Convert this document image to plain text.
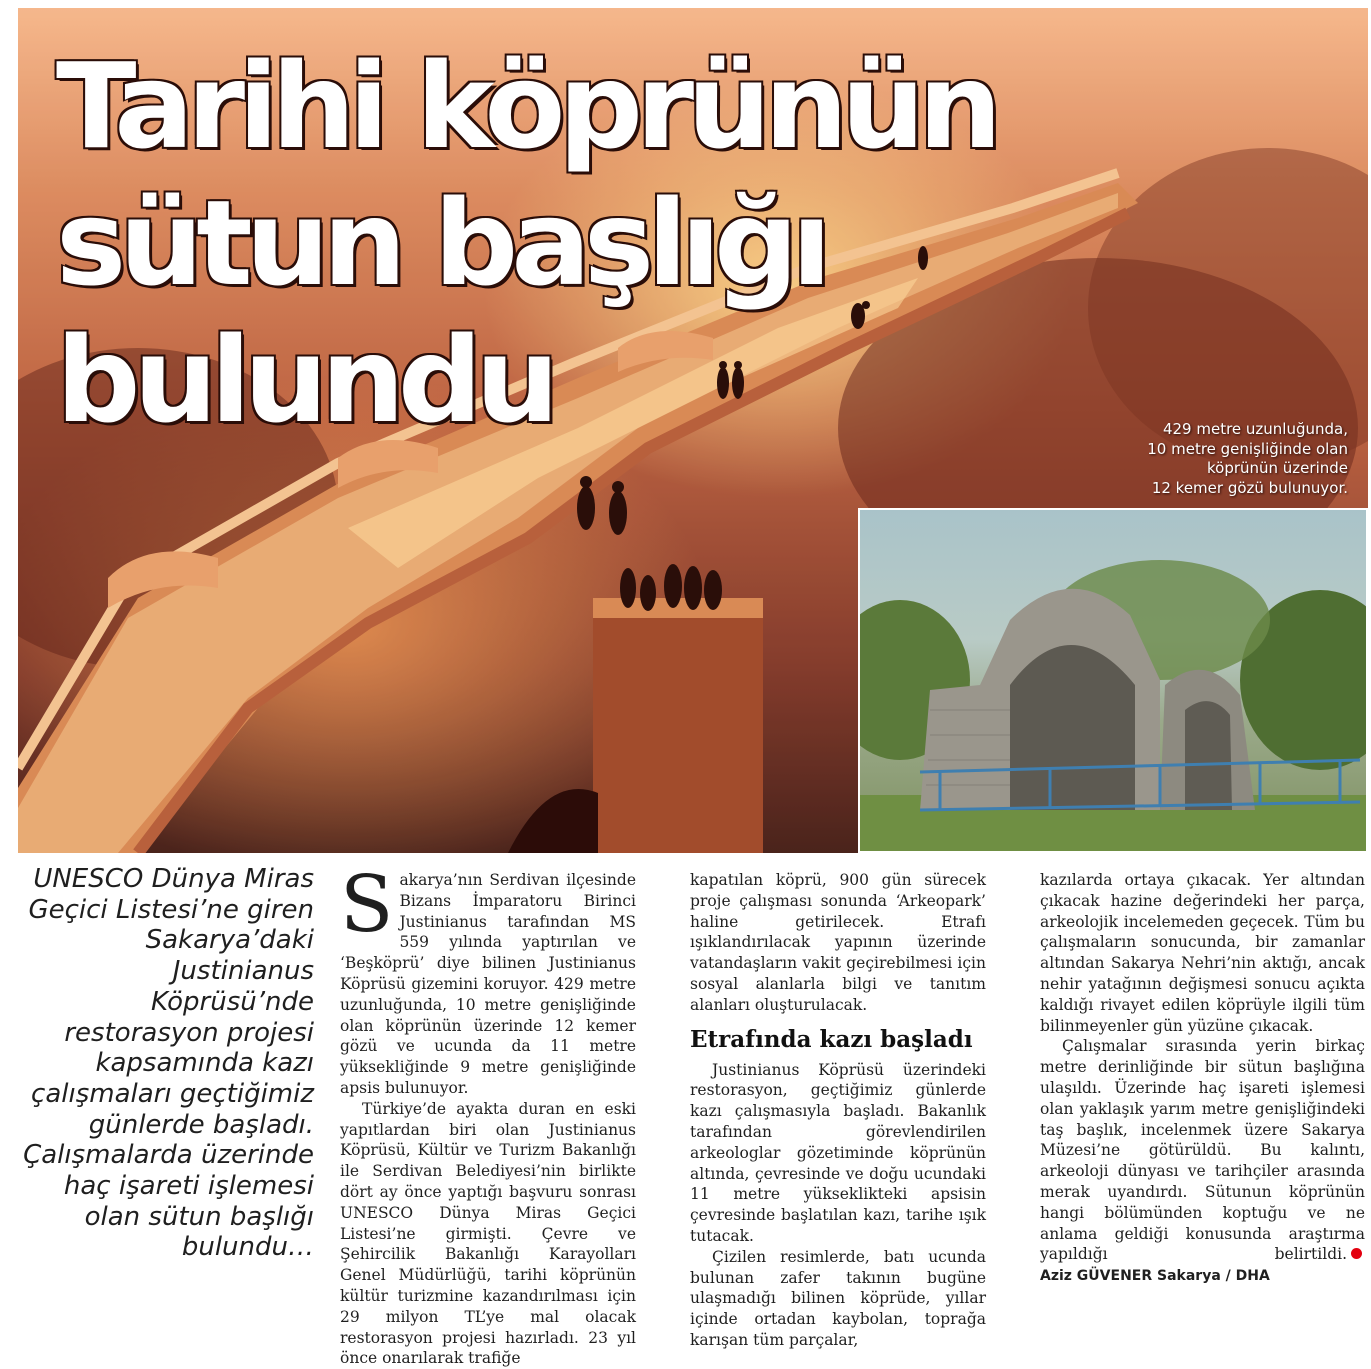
Tarihi köprünün
sütun başlığı
bulundu	429 metre uzunluğunda,
10 metre genişliğinde olan
köprünün üzerinde
12 kemer gözü bulunuyor.

UNESCO Dünya Miras Geçici Listesi’ne giren Sakarya’daki Justinianus Köprüsü’nde restorasyon projesi kapsamında kazı çalışmaları geçtiğimiz günlerde başladı. Çalışmalarda üzerinde haç işareti işlemesi olan sütun başlığı bulundu…

Sakarya’nın Serdivan ilçesinde Bizans İmparatoru Birinci Justinianus tarafından MS 559 yılında yaptırılan ve ‘Beşköprü’ diye bilinen Justinianus Köprüsü gizemini koruyor. 429 metre uzunluğunda, 10 metre genişliğinde olan köprünün üzerinde 12 kemer gözü ve ucunda da 11 metre yüksekliğinde 9 metre genişliğinde apsis bulunuyor.

Türkiye’de ayakta duran en eski yapıtlardan biri olan Justinianus Köprüsü, Kültür ve Turizm Bakanlığı ile Serdivan Belediyesi’nin birlikte dört ay önce yaptığı başvuru sonrası UNESCO Dünya Miras Geçici Listesi’ne girmişti. Çevre ve Şehircilik Bakanlığı Karayolları Genel Müdürlüğü, tarihi köprünün kültür turizmine kazandırılması için 29 milyon TL’ye mal olacak restorasyon projesi hazırladı. 23 yıl önce onarılarak trafiğe

kapatılan köprü, 900 gün sürecek proje çalışması sonunda ‘Arkeopark’ haline getirilecek. Etrafı ışıklandırılacak yapının üzerinde vatandaşların vakit geçirebilmesi için sosyal alanlarla bilgi ve tanıtım alanları oluşturulacak.

Etrafında kazı başladı

Justinianus Köprüsü üzerindeki restorasyon, geçtiğimiz günlerde kazı çalışmasıyla başladı. Bakanlık tarafından görevlendirilen arkeologlar gözetiminde köprünün altında, çevresinde ve doğu ucundaki 11 metre yükseklikteki apsisin çevresinde başlatılan kazı, tarihe ışık tutacak.

Çizilen resimlerde, batı ucunda bulunan zafer takının bugüne ulaşmadığı bilinen köprüde, yıllar içinde ortadan kaybolan, toprağa karışan tüm parçalar,

kazılarda ortaya çıkacak. Yer altından çıkacak hazine değerindeki her parça, arkeolojik incelemeden geçecek. Tüm bu çalışmaların sonucunda, bir zamanlar altından Sakarya Nehri’nin aktığı, ancak nehir yatağının değişmesi sonucu açıkta kaldığı rivayet edilen köprüyle ilgili tüm bilinmeyenler gün yüzüne çıkacak.

Çalışmalar sırasında yerin birkaç metre derinliğinde bir sütun başlığına ulaşıldı. Üzerinde haç işareti işlemesi olan yaklaşık yarım metre genişliğindeki taş başlık, incelenmek üzere Sakarya Müzesi’ne götürüldü. Bu kalıntı, arkeoloji dünyası ve tarihçiler arasında merak uyandırdı. Sütunun köprünün hangi bölümünden koptuğu ve ne anlama geldiği konusunda araştırma yapıldığı belirtildi.Aziz GÜVENER Sakarya / DHA
